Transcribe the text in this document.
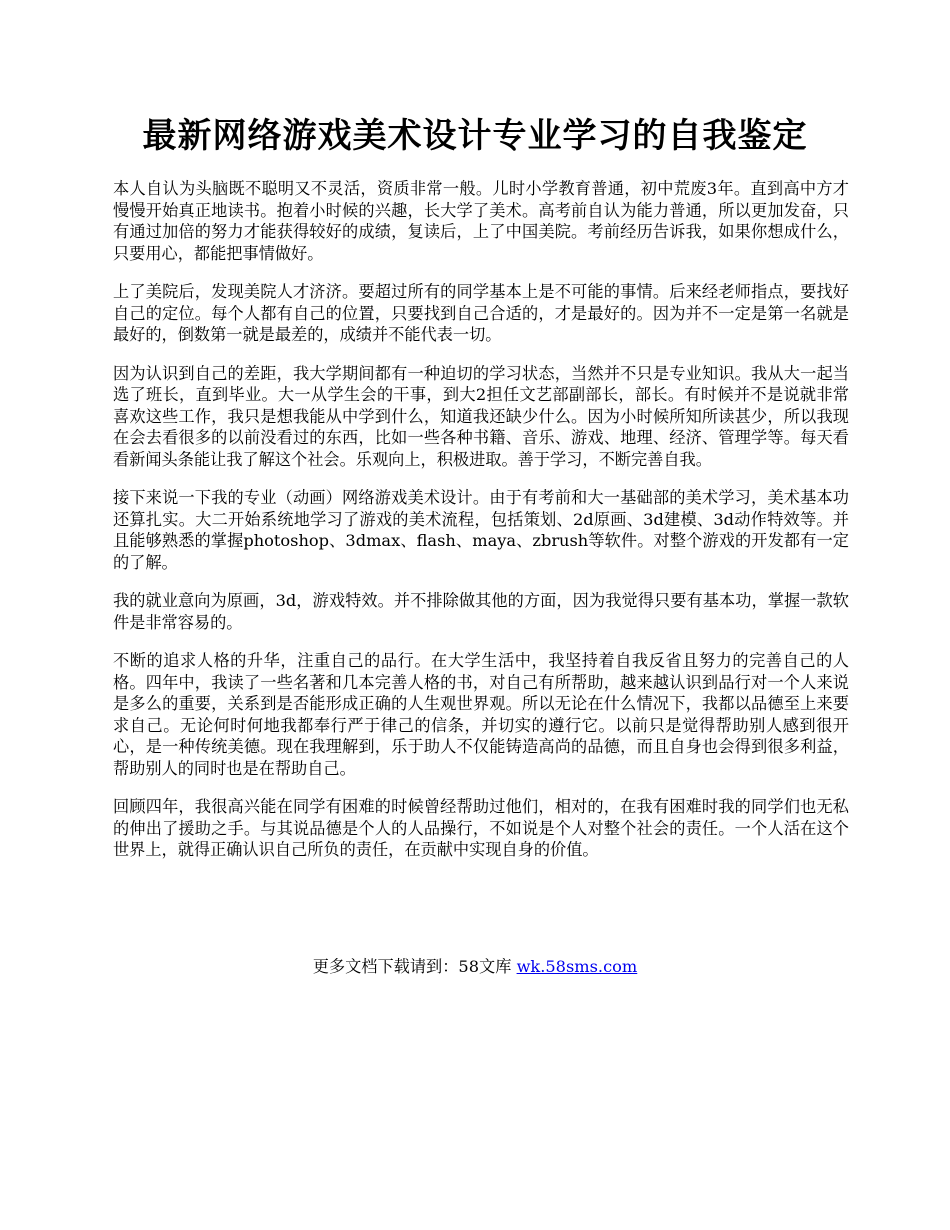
最新网络游戏美术设计专业学习的自我鉴定

本人自认为头脑既不聪明又不灵活，资质非常一般。儿时小学教育普通，初中荒废3年。直到高中方才慢慢开始真正地读书。抱着小时候的兴趣，长大学了美术。高考前自认为能力普通，所以更加发奋，只有通过加倍的努力才能获得较好的成绩，复读后，上了中国美院。考前经历告诉我，如果你想成什么，只要用心，都能把事情做好。

上了美院后，发现美院人才济济。要超过所有的同学基本上是不可能的事情。后来经老师指点，要找好自己的定位。每个人都有自己的位置，只要找到自己合适的，才是最好的。因为并不一定是第一名就是最好的，倒数第一就是最差的，成绩并不能代表一切。

因为认识到自己的差距，我大学期间都有一种迫切的学习状态，当然并不只是专业知识。我从大一起当选了班长，直到毕业。大一从学生会的干事，到大2担任文艺部副部长，部长。有时候并不是说就非常喜欢这些工作，我只是想我能从中学到什么，知道我还缺少什么。因为小时候所知所读甚少，所以我现在会去看很多的以前没看过的东西，比如一些各种书籍、音乐、游戏、地理、经济、管理学等。每天看看新闻头条能让我了解这个社会。乐观向上，积极进取。善于学习，不断完善自我。

接下来说一下我的专业（动画）网络游戏美术设计。由于有考前和大一基础部的美术学习，美术基本功还算扎实。大二开始系统地学习了游戏的美术流程，包括策划、2d原画、3d建模、3d动作特效等。并且能够熟悉的掌握photoshop、3dmax、flash、maya、zbrush等软件。对整个游戏的开发都有一定的了解。

我的就业意向为原画，3d，游戏特效。并不排除做其他的方面，因为我觉得只要有基本功，掌握一款软件是非常容易的。

不断的追求人格的升华，注重自己的品行。在大学生活中，我坚持着自我反省且努力的完善自己的人格。四年中，我读了一些名著和几本完善人格的书，对自己有所帮助，越来越认识到品行对一个人来说是多么的重要，关系到是否能形成正确的人生观世界观。所以无论在什么情况下，我都以品德至上来要求自己。无论何时何地我都奉行严于律己的信条，并切实的遵行它。以前只是觉得帮助别人感到很开心，是一种传统美德。现在我理解到，乐于助人不仅能铸造高尚的品德，而且自身也会得到很多利益，帮助别人的同时也是在帮助自己。

回顾四年，我很高兴能在同学有困难的时候曾经帮助过他们，相对的，在我有困难时我的同学们也无私的伸出了援助之手。与其说品德是个人的人品操行，不如说是个人对整个社会的责任。一个人活在这个世界上，就得正确认识自己所负的责任，在贡献中实现自身的价值。

更多文档下载请到：58文库 wk.58sms.com
